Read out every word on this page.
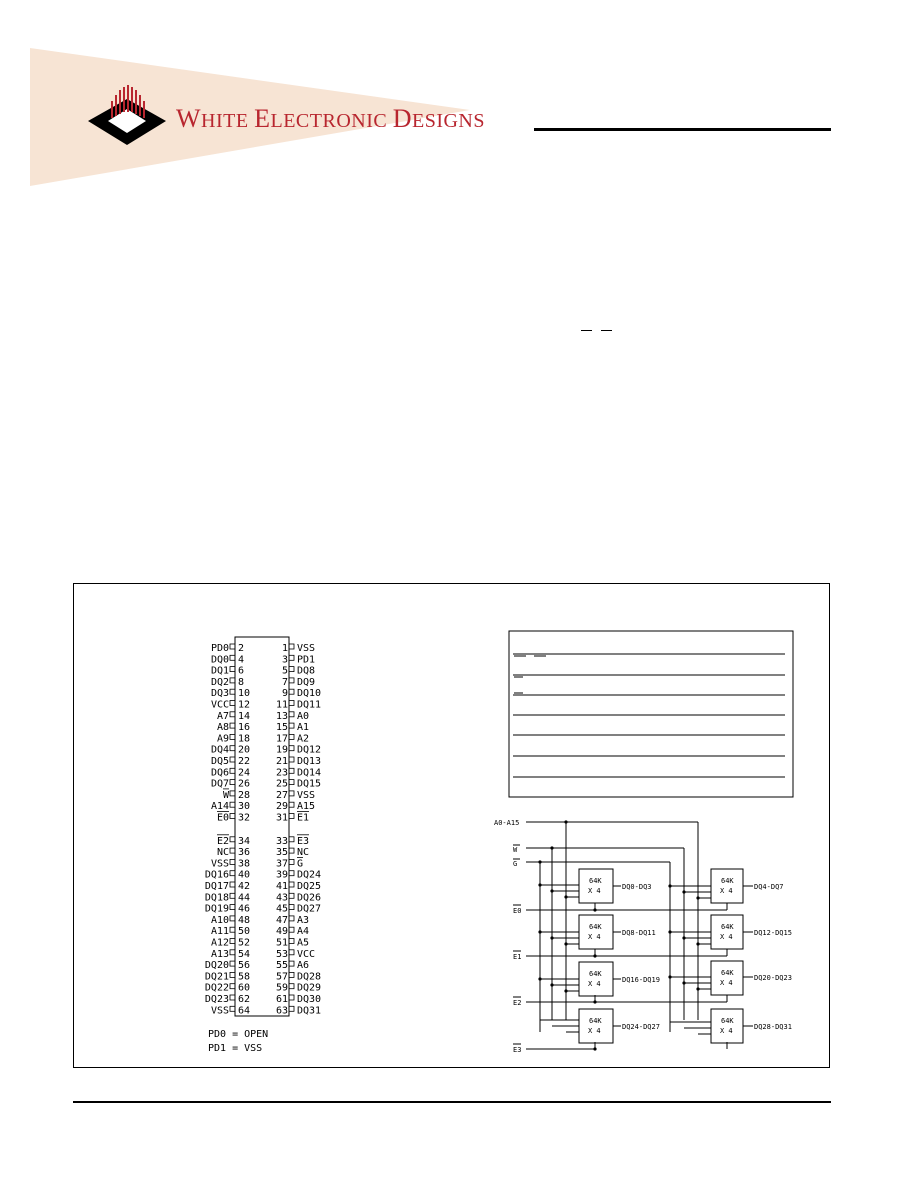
WHITE ELECTRONIC DESIGNS
PD0 2
DQ0 4
DQ1 6
DQ2 8
DQ3 10
VCC 12
A7 14
A8 16
A9 18
DQ4 20
DQ5 22
DQ6 24
DQ7 26
W 28
A14 30
E0 32
E2 34
NC 36
VSS 38
DQ16 40
DQ17 42
DQ18 44
DQ19 46
A10 48
A11 50
A12 52
A13 54
DQ20 56
DQ21 58
DQ22 60
DQ23 62
VSS 64
1 VSS
3 PD1
5 DQ8
7 DQ9
9 DQ10
11 DQ11
13 A0
15 A1
17 A2
19 DQ12
21 DQ13
23 DQ14
25 DQ15
27 VSS
29 A15
31 E1
33 E3
35 NC
37 G
39 DQ24
41 DQ25
43 DQ26
45 DQ27
47 A3
49 A4
51 A5
53 VCC
55 A6
57 DQ28
59 DQ29
61 DQ30
63 DQ31
PD0 = OPEN
PD1 = VSS
A0-A15
W
G
E0
E1
E2
E3
64K
X 4
64K
X 4
64K
X 4
64K
X 4
64K
X 4
64K
X 4
64K
X 4
64K
X 4
DQ0-DQ3
DQ8-DQ11
DQ16-DQ19
DQ24-DQ27
DQ4-DQ7
DQ12-DQ15
DQ20-DQ23
DQ28-DQ31
